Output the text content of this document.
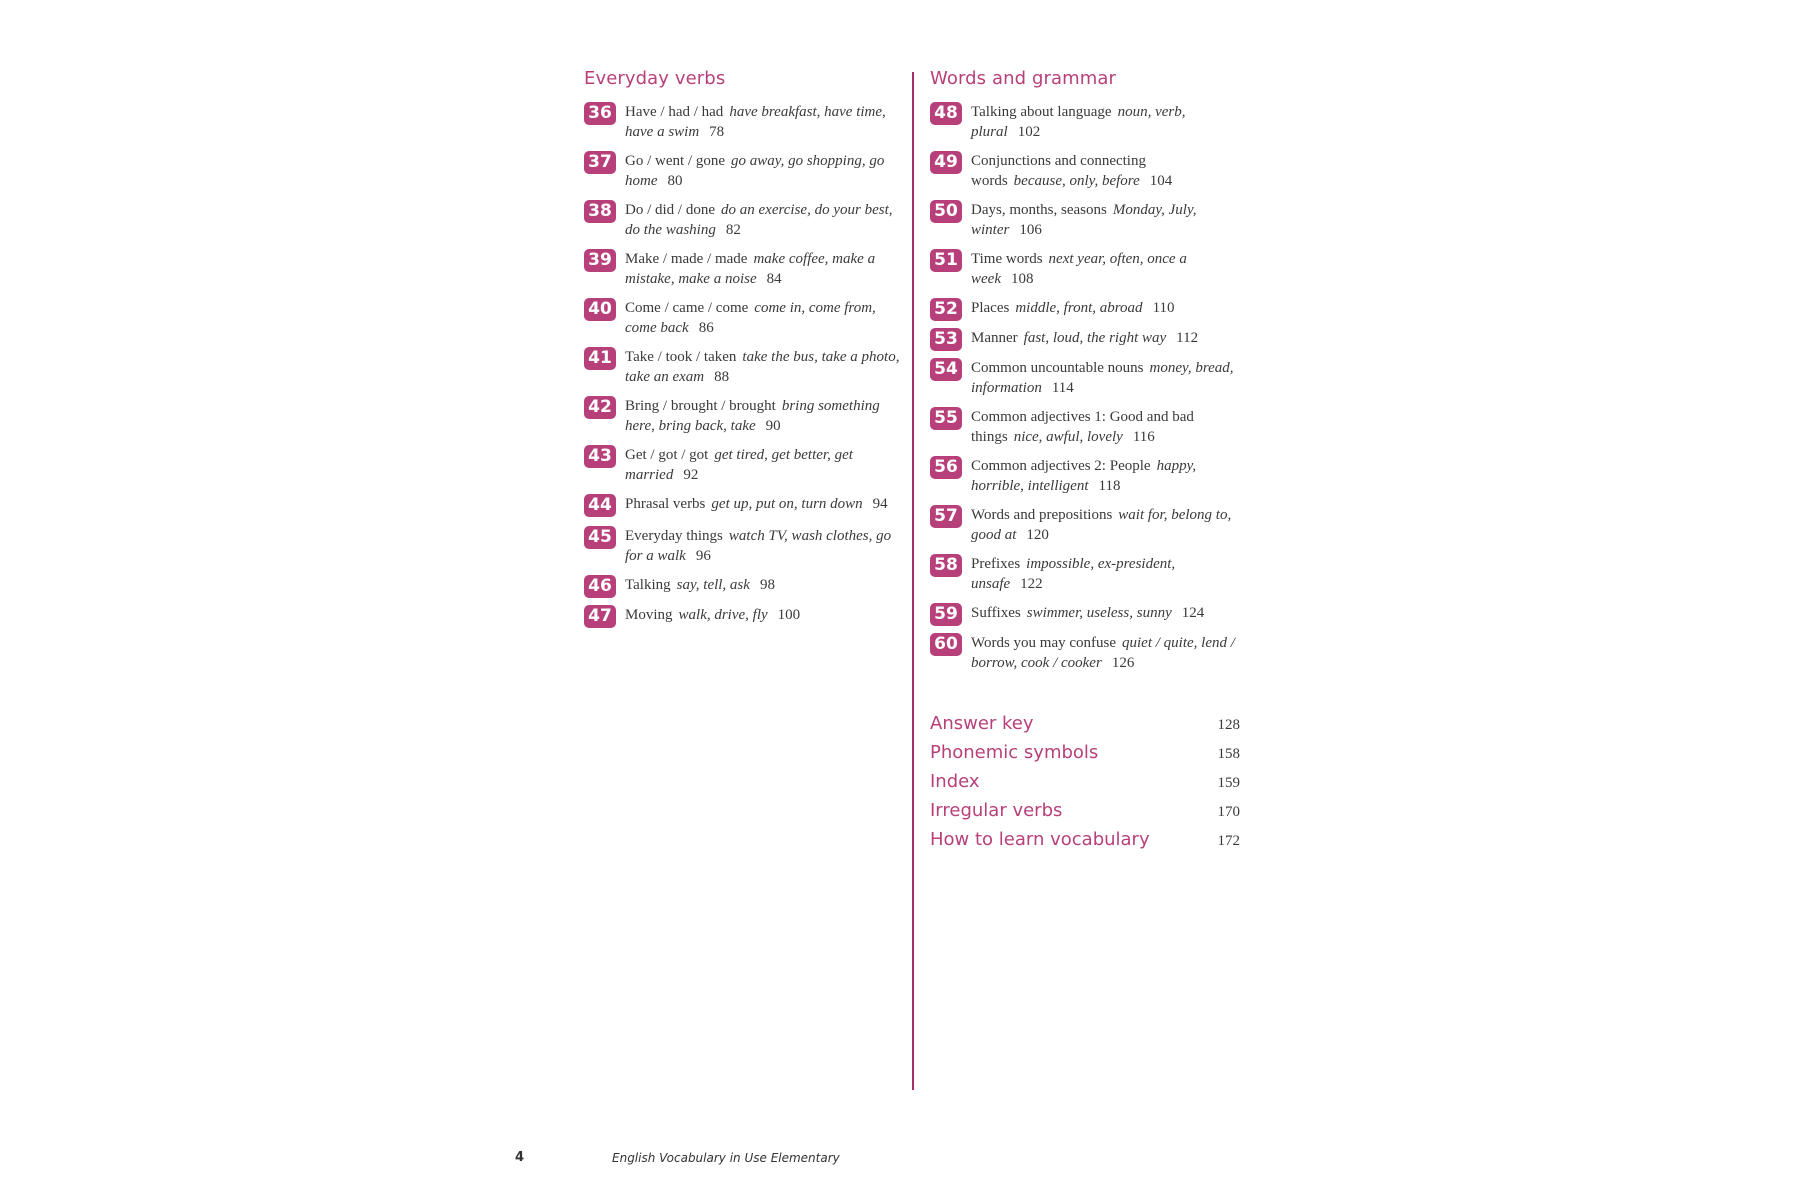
Everyday verbs
36 Have / had / had have breakfast, have time, have a swim 78
37 Go / went / gone go away, go shopping, go home 80
38 Do / did / done do an exercise, do your best, do the washing 82
39 Make / made / made make coffee, make a mistake, make a noise 84
40 Come / came / come come in, come from, come back 86
41 Take / took / taken take the bus, take a photo, take an exam 88
42 Bring / brought / brought bring something here, bring back, take 90
43 Get / got / got get tired, get better, get married 92
44 Phrasal verbs get up, put on, turn down 94
45 Everyday things watch TV, wash clothes, go for a walk 96
46 Talking say, tell, ask 98
47 Moving walk, drive, fly 100
Words and grammar
48 Talking about language noun, verb, plural 102
49 Conjunctions and connecting words because, only, before 104
50 Days, months, seasons Monday, July, winter 106
51 Time words next year, often, once a week 108
52 Places middle, front, abroad 110
53 Manner fast, loud, the right way 112
54 Common uncountable nouns money, bread, information 114
55 Common adjectives 1: Good and bad things nice, awful, lovely 116
56 Common adjectives 2: People happy, horrible, intelligent 118
57 Words and prepositions wait for, belong to, good at 120
58 Prefixes impossible, ex-president, unsafe 122
59 Suffixes swimmer, useless, sunny 124
60 Words you may confuse quiet / quite, lend / borrow, cook / cooker 126
Answer key	128
Phonemic symbols	158
Index	159
Irregular verbs	170
How to learn vocabulary	172
4	English Vocabulary in Use Elementary
